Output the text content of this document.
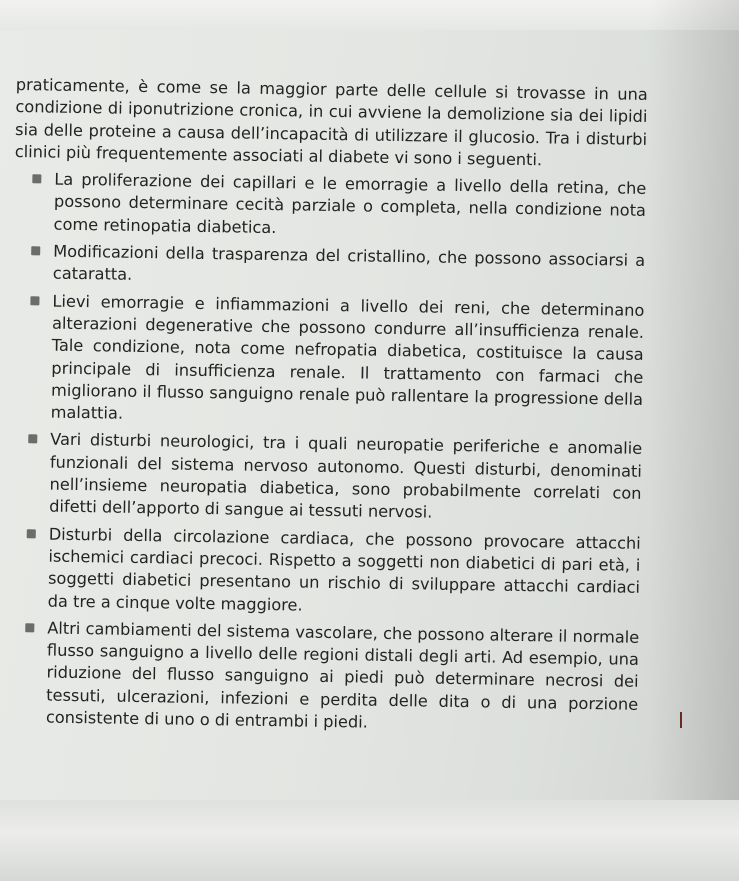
praticamente, è come se la maggior parte delle cellule si trovasse in una condizione di iponutrizione cronica, in cui avviene la demolizione sia dei lipidi sia delle proteine a causa dell’incapacità di utilizzare il glucosio. Tra i disturbi clinici più frequentemente associati al diabete vi sono i seguenti.

La proliferazione dei capillari e le emorragie a livello della retina, che possono determinare cecità parziale o completa, nella condizione nota come retinopatia diabetica.
Modificazioni della trasparenza del cristallino, che possono associarsi a cataratta.
Lievi emorragie e infiammazioni a livello dei reni, che determinano alterazioni degenerative che possono condurre all’insufficienza renale. Tale condizione, nota come nefropatia diabetica, costituisce la causa principale di insufficienza renale. Il trattamento con farmaci che migliorano il flusso sanguigno renale può rallentare la progressione della malattia.
Vari disturbi neurologici, tra i quali neuropatie periferiche e anomalie funzionali del sistema nervoso autonomo. Questi disturbi, denominati nell’insieme neuropatia diabetica, sono probabilmente correlati con difetti dell’apporto di sangue ai tessuti nervosi.
Disturbi della circolazione cardiaca, che possono provocare attacchi ischemici cardiaci precoci. Rispetto a soggetti non diabetici di pari età, i soggetti diabetici presentano un rischio di sviluppare attacchi cardiaci da tre a cinque volte maggiore.
Altri cambiamenti del sistema vascolare, che possono alterare il normale flusso sanguigno a livello delle regioni distali degli arti. Ad esempio, una riduzione del flusso sanguigno ai piedi può determinare necrosi dei tessuti, ulcerazioni, infezioni e perdita delle dita o di una porzione consistente di uno o di entrambi i piedi.
